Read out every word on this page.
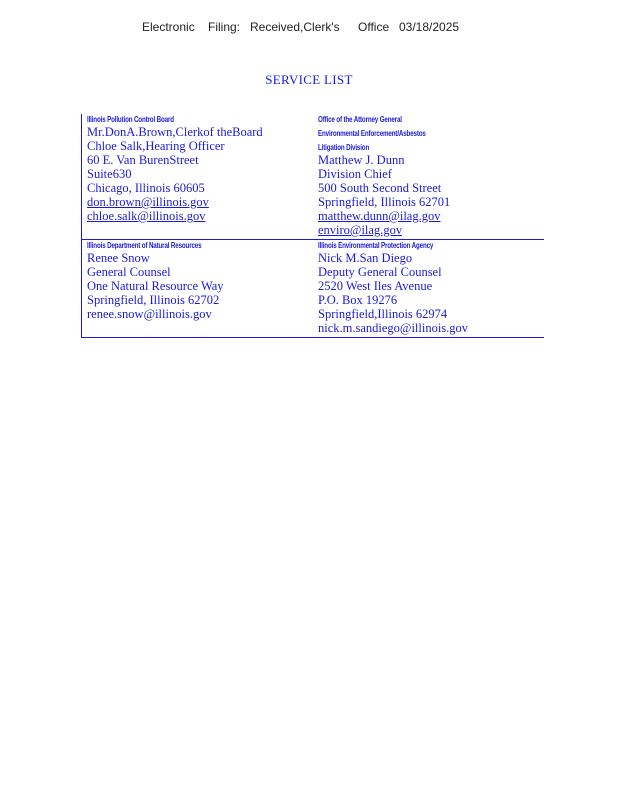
Electronic Filing: Received,Clerk's Office 03/18/2025
SERVICE LIST
Illinois Pollution Control Board
Mr.DonA.Brown,Clerkof theBoard
Chloe Salk,Hearing Officer
60 E. Van BurenStreet
Suite630
Chicago, Illinois 60605
don.brown@illinois.gov
chloe.salk@illinois.gov
Office of the Attorney General
Environmental Enforcement/Asbestos
Litigation Division
Matthew J. Dunn
Division Chief
500 South Second Street
Springfield, Illinois 62701
matthew.dunn@ilag.gov
enviro@ilag.gov
Illinois Department of Natural Resources
Renee Snow
General Counsel
One Natural Resource Way
Springfield, Illinois 62702
renee.snow@illinois.gov
Illinois Environmental Protection Agency
Nick M.San Diego
Deputy General Counsel
2520 West Iles Avenue
P.O. Box 19276
Springfield,Illinois 62974
nick.m.sandiego@illinois.gov
